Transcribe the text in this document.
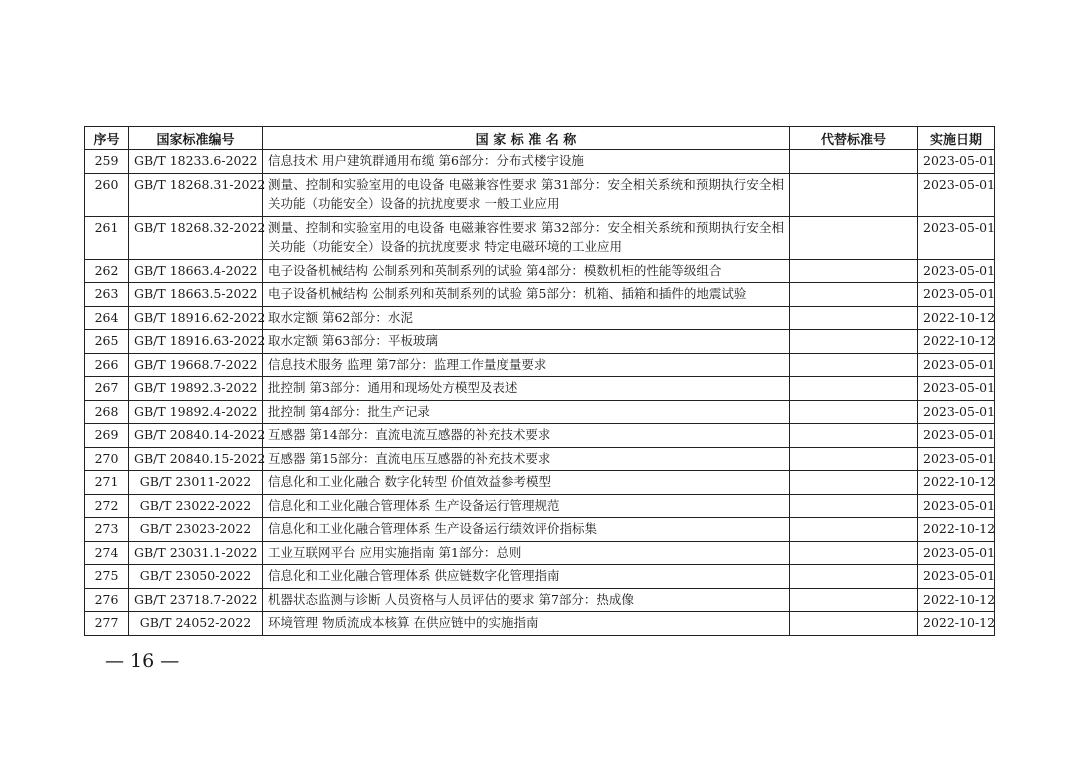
序号	国家标准编号	国 家 标 准 名 称	代替标准号	实施日期
259	GB/T 18233.6-2022	信息技术 用户建筑群通用布缆 第6部分：分布式楼宇设施		2023-05-01
260	GB/T 18268.31-2022	测量、控制和实验室用的电设备 电磁兼容性要求 第31部分：安全相关系统和预期执行安全相关功能（功能安全）设备的抗扰度要求 一般工业应用		2023-05-01
261	GB/T 18268.32-2022	测量、控制和实验室用的电设备 电磁兼容性要求 第32部分：安全相关系统和预期执行安全相关功能（功能安全）设备的抗扰度要求 特定电磁环境的工业应用		2023-05-01
262	GB/T 18663.4-2022	电子设备机械结构 公制系列和英制系列的试验 第4部分：模数机柜的性能等级组合		2023-05-01
263	GB/T 18663.5-2022	电子设备机械结构 公制系列和英制系列的试验 第5部分：机箱、插箱和插件的地震试验		2023-05-01
264	GB/T 18916.62-2022	取水定额 第62部分：水泥		2022-10-12
265	GB/T 18916.63-2022	取水定额 第63部分：平板玻璃		2022-10-12
266	GB/T 19668.7-2022	信息技术服务 监理 第7部分：监理工作量度量要求		2023-05-01
267	GB/T 19892.3-2022	批控制 第3部分：通用和现场处方模型及表述		2023-05-01
268	GB/T 19892.4-2022	批控制 第4部分：批生产记录		2023-05-01
269	GB/T 20840.14-2022	互感器 第14部分：直流电流互感器的补充技术要求		2023-05-01
270	GB/T 20840.15-2022	互感器 第15部分：直流电压互感器的补充技术要求		2023-05-01
271	GB/T 23011-2022	信息化和工业化融合 数字化转型 价值效益参考模型		2022-10-12
272	GB/T 23022-2022	信息化和工业化融合管理体系 生产设备运行管理规范		2023-05-01
273	GB/T 23023-2022	信息化和工业化融合管理体系 生产设备运行绩效评价指标集		2022-10-12
274	GB/T 23031.1-2022	工业互联网平台 应用实施指南 第1部分：总则		2023-05-01
275	GB/T 23050-2022	信息化和工业化融合管理体系 供应链数字化管理指南		2023-05-01
276	GB/T 23718.7-2022	机器状态监测与诊断 人员资格与人员评估的要求 第7部分：热成像		2022-10-12
277	GB/T 24052-2022	环境管理 物质流成本核算 在供应链中的实施指南		2022-10-12
— 16 —
